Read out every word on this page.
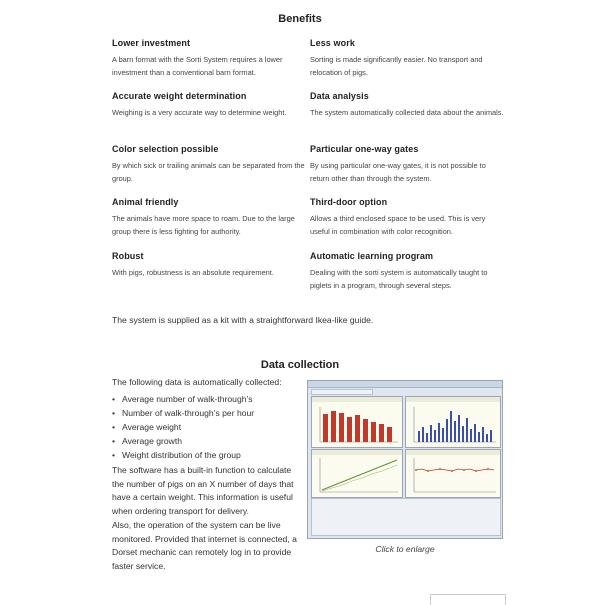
Benefits
Lower investment

A barn format with the Sorti System requires a lower investment than a conventional barn format.

Less work

Sorting is made significantly easier. No transport and relocation of pigs.

Accurate weight determination

Weighing is a very accurate way to determine weight.

Data analysis

The system automatically collected data about the animals.

Color selection possible

By which sick or trailing animals can be separated from the group.

Particular one-way gates

By using particular one-way gates, it is not possible to return other than through the system.

Animal friendly

The animals have more space to roam. Due to the large group there is less fighting for authority.

Third-door option

Allows a third enclosed space to be used. This is very useful in combination with color recognition.

Robust

With pigs, robustness is an absolute requirement.

Automatic learning program

Dealing with the sorti system is automatically taught to piglets in a program, through several steps.

The system is supplied as a kit with a straightforward Ikea-like guide.
Data collection
The following data is automatically collected:
• Average number of walk-through’s
• Number of walk-through’s per hour
• Average weight
• Average growth
• Weight distribution of the group

The software has a built-in function to calculate the number of pigs on an X number of days that have a certain weight. This information is useful when ordering transport for delivery.

Also, the operation of the system can be live monitored. Provided that internet is connected, a Dorset mechanic can remotely log in to provide faster service.

Click to enlarge
